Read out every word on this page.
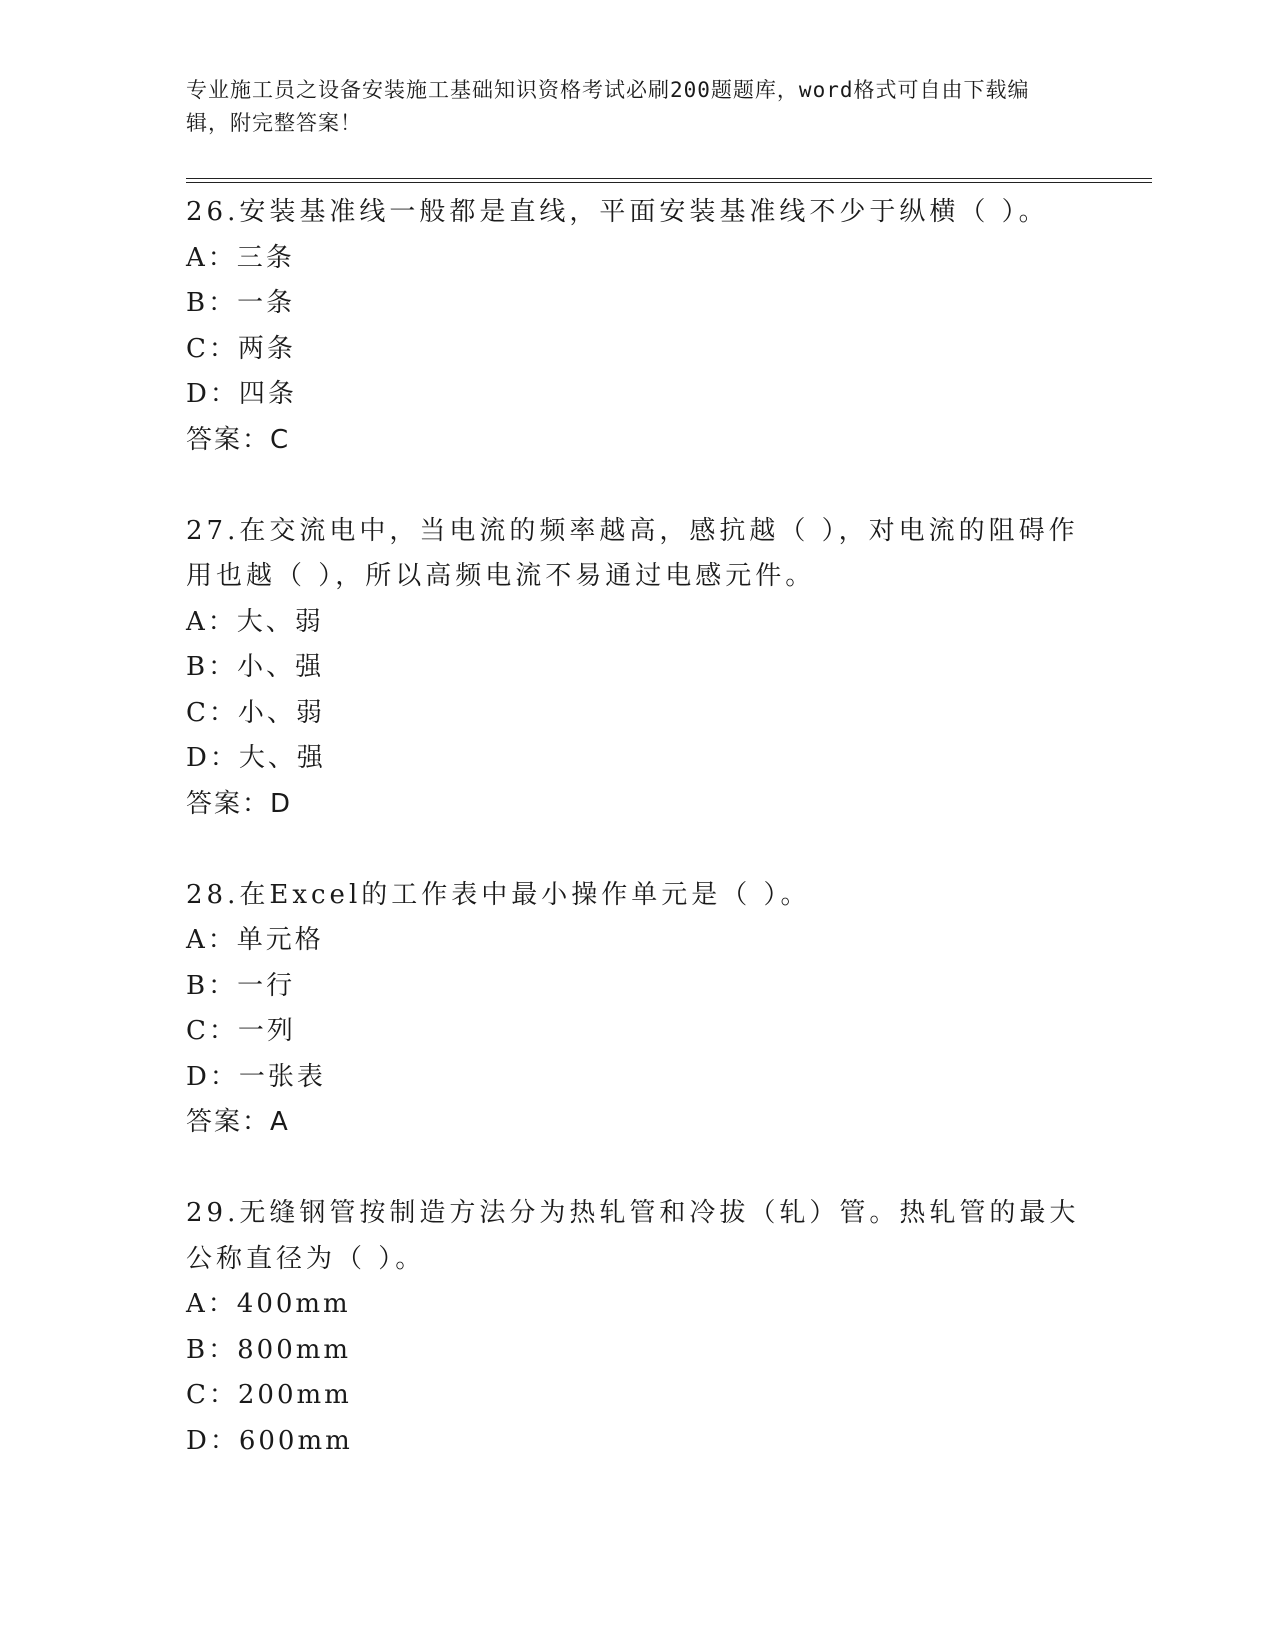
专业施工员之设备安装施工基础知识资格考试必刷200题题库，word格式可自由下载编辑，附完整答案！

26.安装基准线一般都是直线，平面安装基准线不少于纵横（ ）。

A：三条

B：一条

C：两条

D：四条

答案：C

27.在交流电中，当电流的频率越高，感抗越（ ），对电流的阻碍作用也越（ ），所以高频电流不易通过电感元件。

A：大、弱

B：小、强

C：小、弱

D：大、强

答案：D

28.在Excel的工作表中最小操作单元是（ ）。

A：单元格

B：一行

C：一列

D：一张表

答案：A

29.无缝钢管按制造方法分为热轧管和冷拔（轧）管。热轧管的最大公称直径为（ ）。

A：400mm

B：800mm

C：200mm

D：600mm
